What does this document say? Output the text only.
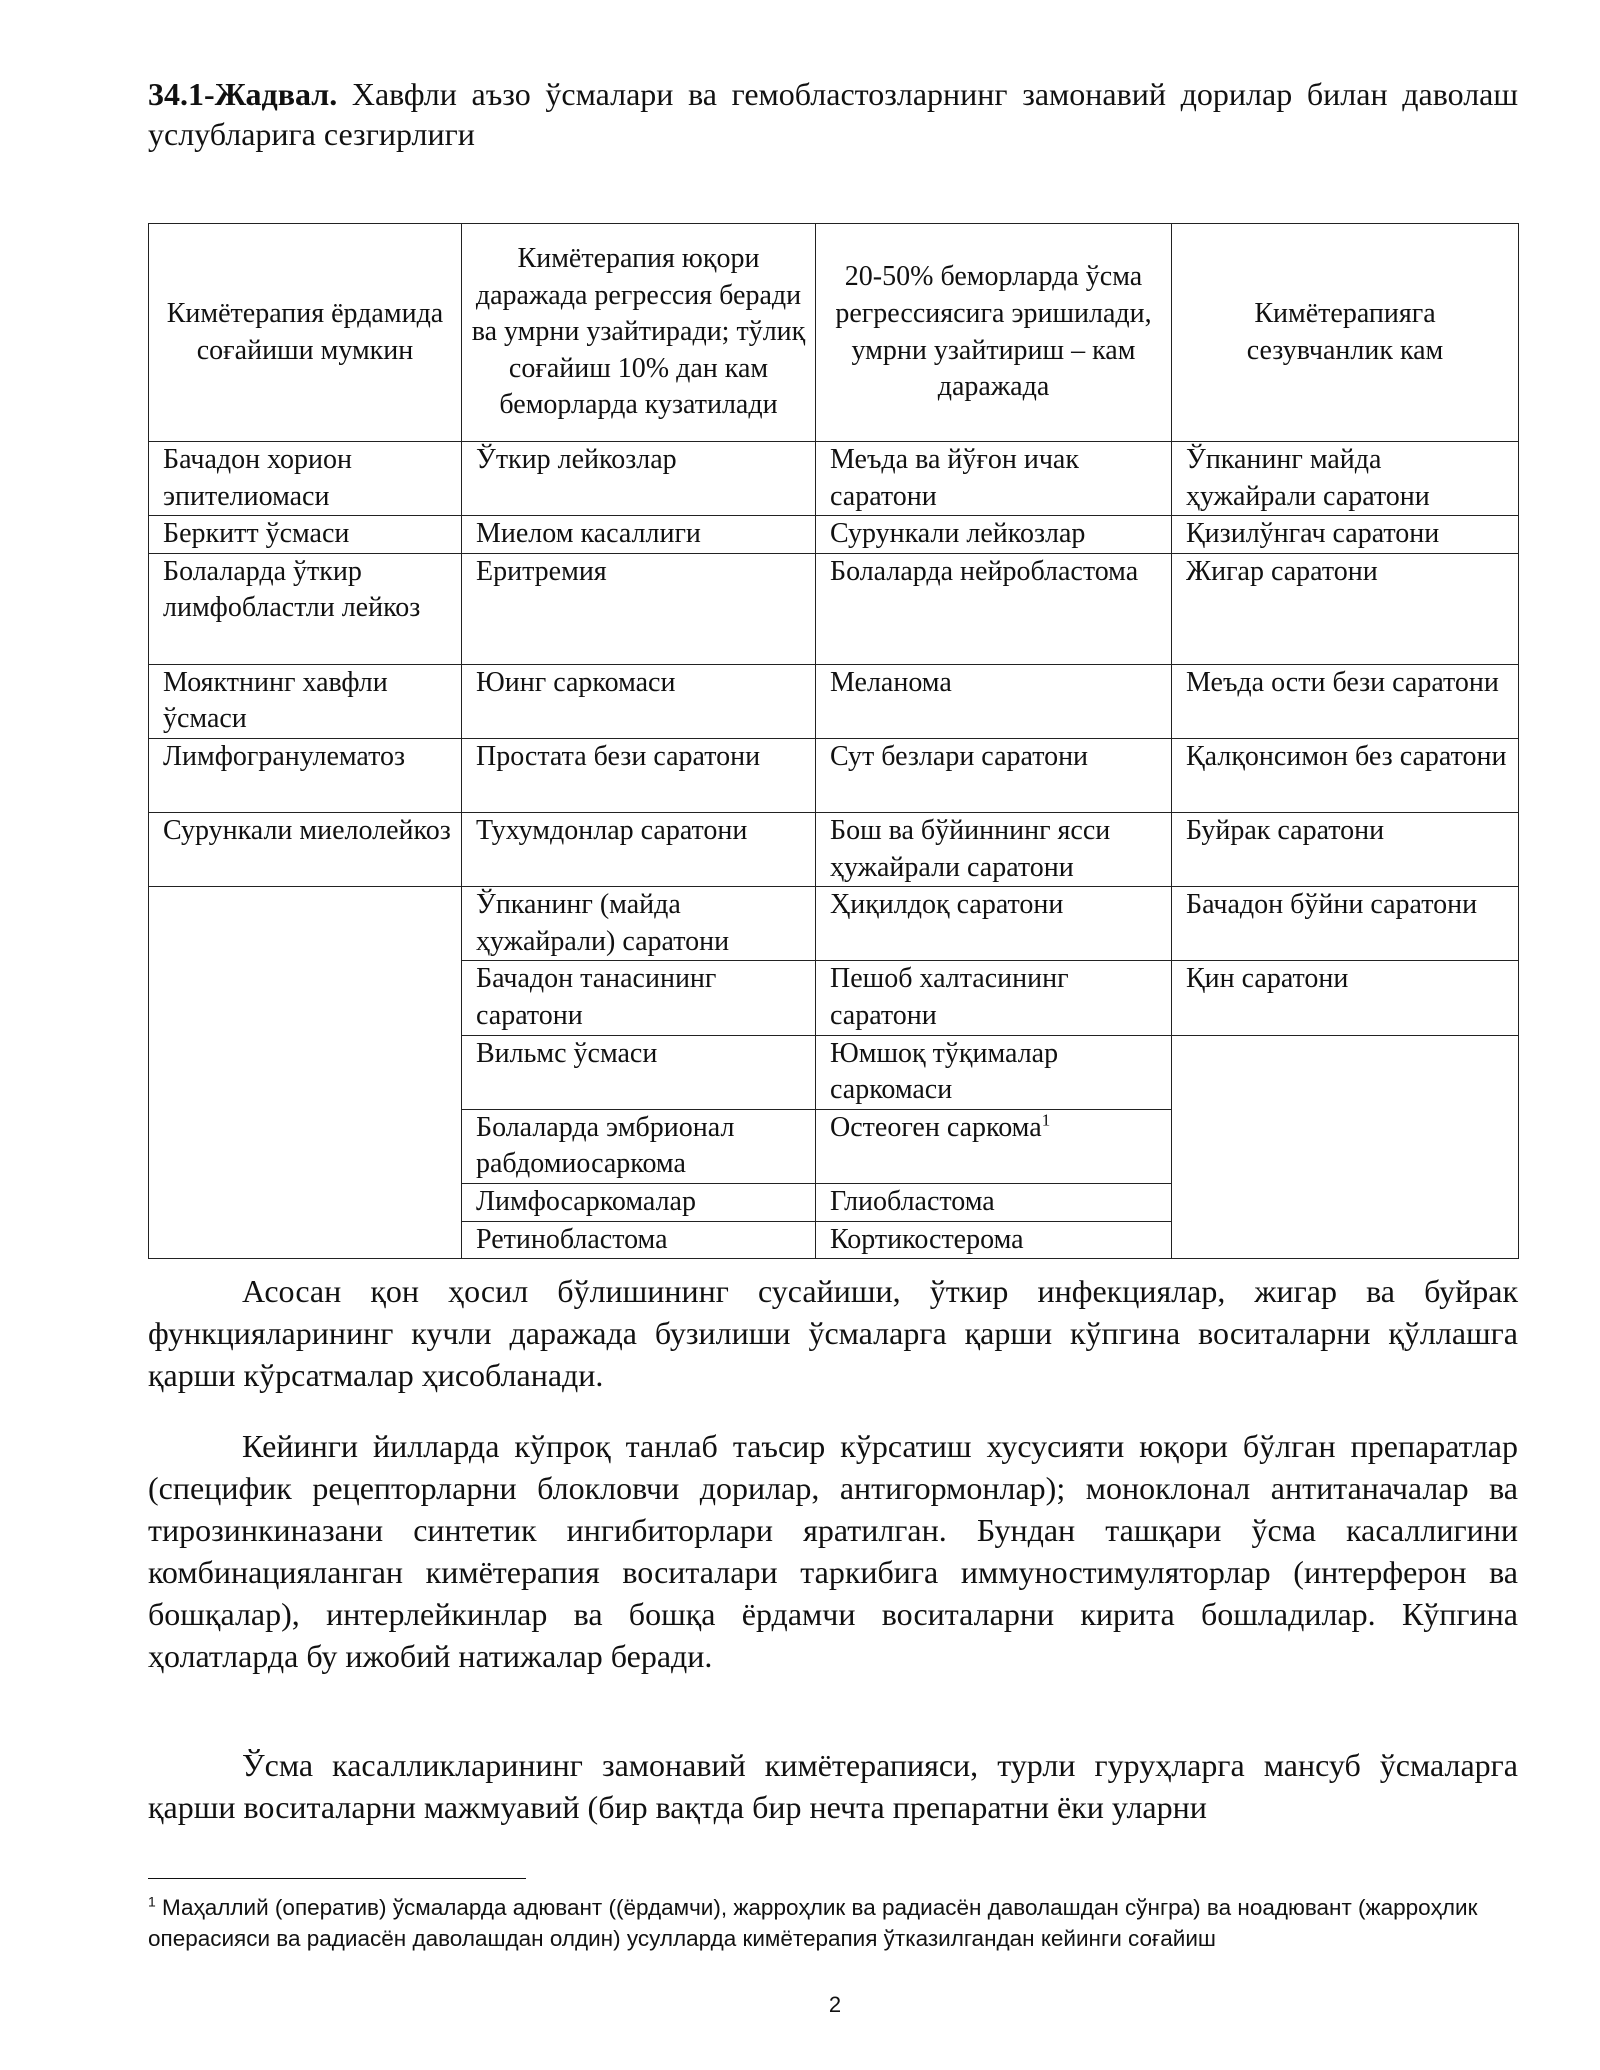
34.1-Жадвал. Хавфли аъзо ўсмалари ва гемобластозларнинг замонавий дорилар билан даволаш услубларига сезгирлиги

Кимётерапия ёрдамида соғайиши мумкин	Кимётерапия юқори даражада регрессия беради ва умрни узайтиради; тўлиқ соғайиш 10% дан кам беморларда кузатилади	20-50% беморларда ўсма регрессиясига эришилади, умрни узайтириш – кам даражада	Кимётерапияга сезувчанлик кам
Бачадон хорион эпителиомаси	Ўткир лейкозлар	Меъда ва йўғон ичак саратони	Ўпканинг майда ҳужайрали саратони
Беркитт ўсмаси	Миелом касаллиги	Сурункали лейкозлар	Қизилўнгач саратони
Болаларда ўткир лимфобластли лейкоз	Еритремия	Болаларда нейробластома	Жигар саратони
Мояктнинг хавфли ўсмаси	Юинг саркомаси	Меланома	Меъда ости бези саратони
Лимфогранулематоз	Простата бези саратони	Сут безлари саратони	Қалқонсимон без саратони
Сурункали миелолейкоз	Тухумдонлар саратони	Бош ва бўйиннинг ясси ҳужайрали саратони	Буйрак саратони
	Ўпканинг (майда ҳужайрали) саратони	Ҳиқилдоқ саратони	Бачадон бўйни саратони
	Бачадон танасининг саратони	Пешоб халтасининг саратони	Қин саратони
	Вильмс ўсмаси	Юмшоқ тўқималар саркомаси	
	Болаларда эмбрионал рабдомиосаркома	Остеоген саркома$^1$
	Лимфосаркомалар	Глиобластома	
	Ретинобластома	Кортикостерома	

Асосан қон ҳосил бўлишининг сусайиши, ўткир инфекциялар, жигар ва буйрак функцияларининг кучли даражада бузилиши ўсмаларга қарши кўпгина воситаларни қўллашга қарши кўрсатмалар ҳисобланади.

Кейинги йилларда кўпроқ танлаб таъсир кўрсатиш хусусияти юқори бўлган препаратлар (специфик рецепторларни блокловчи дорилар, антигормонлар); моноклонал антитаначалар ва тирозинкиназани синтетик ингибиторлари яратилган. Бундан ташқари ўсма касаллигини комбинацияланган кимётерапия воситалари таркибига иммуностимуляторлар (интерферон ва бошқалар), интерлейкинлар ва бошқа ёрдамчи воситаларни кирита бошладилар. Кўпгина ҳолатларда бу ижобий натижалар беради.

Ўсма касалликларининг замонавий кимётерапияси, турли гуруҳларга мансуб ўсмаларга қарши воситаларни мажмуавий (бир вақтда бир нечта препаратни ёки уларни

$^1$ Маҳаллий (оператив) ўсмаларда адювант ((ёрдамчи), жарроҳлик ва радиасён даволашдан сўнгра) ва ноадювант (жарроҳлик операсияси ва радиасён даволашдан олдин) усулларда кимётерапия ўтказилгандан кейинги соғайиш

2
